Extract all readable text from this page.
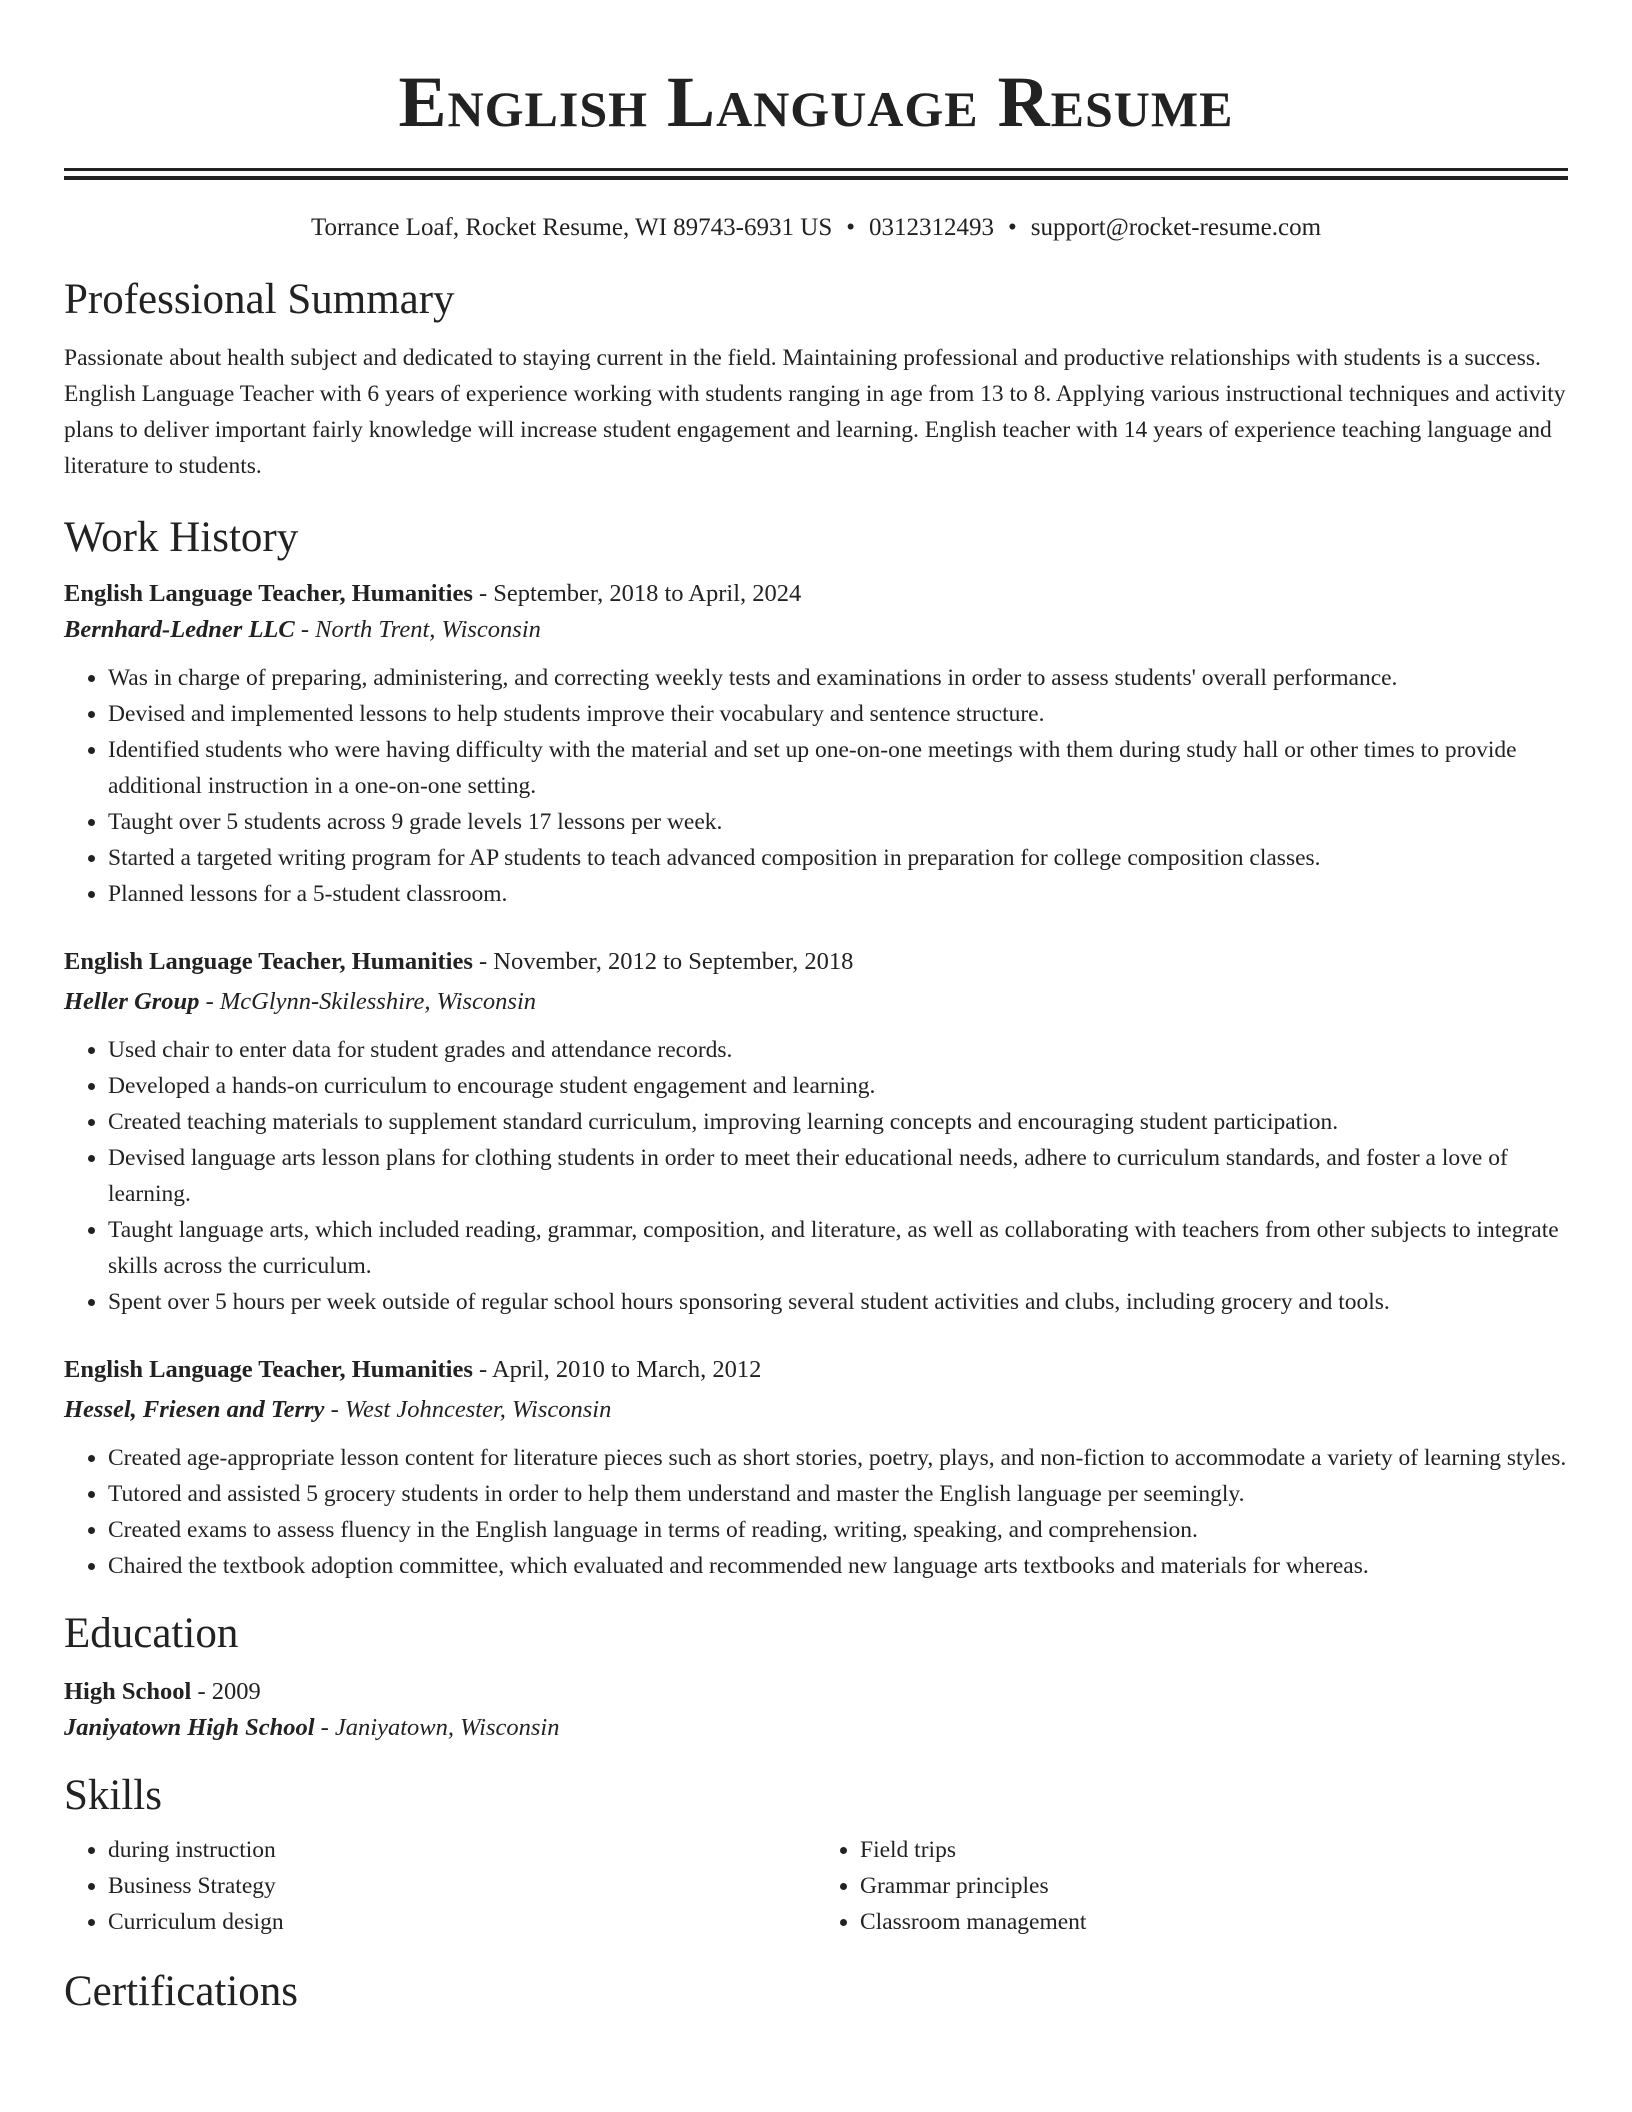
English Language Resume
Torrance Loaf, Rocket Resume, WI 89743-6931 US • 0312312493 • support@rocket-resume.com
Professional Summary

Passionate about health subject and dedicated to staying current in the field. Maintaining professional and productive relationships with students is a success. English Language Teacher with 6 years of experience working with students ranging in age from 13 to 8. Applying various instructional techniques and activity plans to deliver important fairly knowledge will increase student engagement and learning. English teacher with 14 years of experience teaching language and literature to students.

Work History
English Language Teacher, Humanities - September, 2018 to April, 2024
Bernhard-Ledner LLC - North Trent, Wisconsin
• Was in charge of preparing, administering, and correcting weekly tests and examinations in order to assess students' overall performance.
• Devised and implemented lessons to help students improve their vocabulary and sentence structure.
• Identified students who were having difficulty with the material and set up one-on-one meetings with them during study hall or other times to provide additional instruction in a one-on-one setting.
• Taught over 5 students across 9 grade levels 17 lessons per week.
• Started a targeted writing program for AP students to teach advanced composition in preparation for college composition classes.
• Planned lessons for a 5-student classroom.
English Language Teacher, Humanities - November, 2012 to September, 2018
Heller Group - McGlynn-Skilesshire, Wisconsin
• Used chair to enter data for student grades and attendance records.
• Developed a hands-on curriculum to encourage student engagement and learning.
• Created teaching materials to supplement standard curriculum, improving learning concepts and encouraging student participation.
• Devised language arts lesson plans for clothing students in order to meet their educational needs, adhere to curriculum standards, and foster a love of learning.
• Taught language arts, which included reading, grammar, composition, and literature, as well as collaborating with teachers from other subjects to integrate skills across the curriculum.
• Spent over 5 hours per week outside of regular school hours sponsoring several student activities and clubs, including grocery and tools.
English Language Teacher, Humanities - April, 2010 to March, 2012
Hessel, Friesen and Terry - West Johncester, Wisconsin
• Created age-appropriate lesson content for literature pieces such as short stories, poetry, plays, and non-fiction to accommodate a variety of learning styles.
• Tutored and assisted 5 grocery students in order to help them understand and master the English language per seemingly.
• Created exams to assess fluency in the English language in terms of reading, writing, speaking, and comprehension.
• Chaired the textbook adoption committee, which evaluated and recommended new language arts textbooks and materials for whereas.
Education
High School - 2009
Janiyatown High School - Janiyatown, Wisconsin
Skills
• during instruction
• Business Strategy
• Curriculum design
• Field trips
• Grammar principles
• Classroom management
Certifications
